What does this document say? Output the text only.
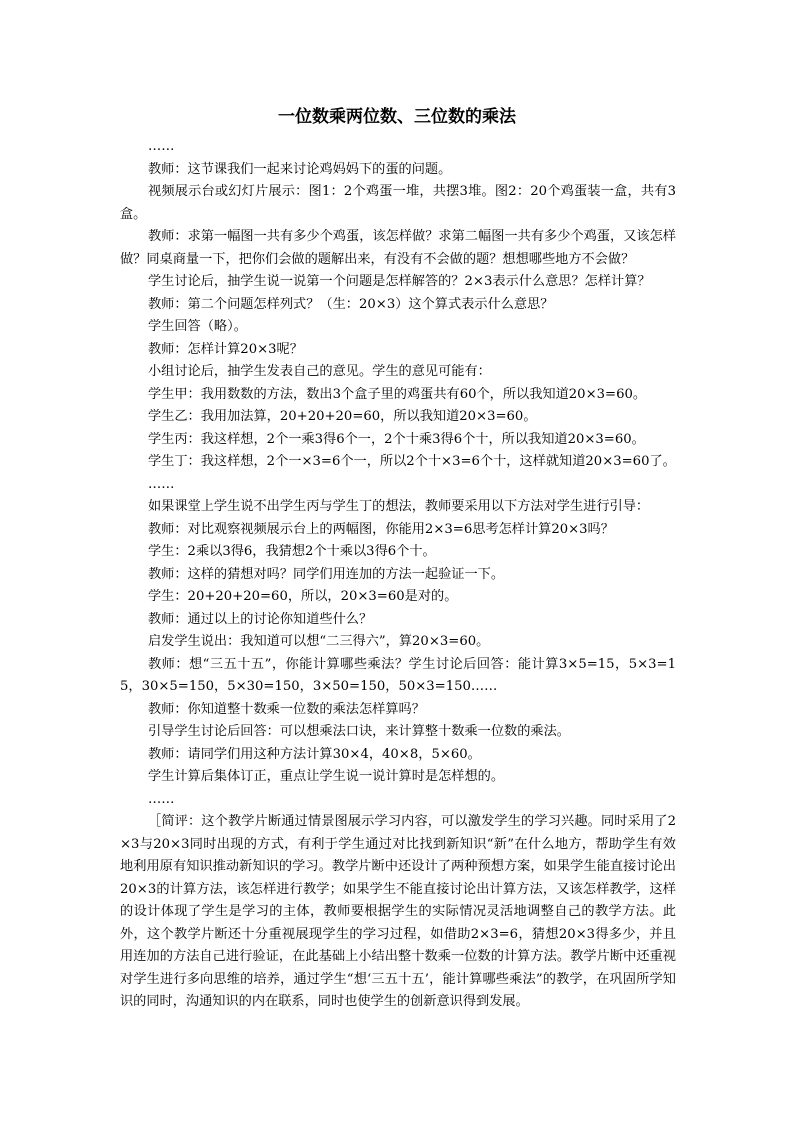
一位数乘两位数、三位数的乘法

……

教师：这节课我们一起来讨论鸡妈妈下的蛋的问题。

视频展示台或幻灯片展示：图1：2个鸡蛋一堆，共摆3堆。图2：20个鸡蛋装一盒，共有3盒。

教师：求第一幅图一共有多少个鸡蛋，该怎样做？求第二幅图一共有多少个鸡蛋，又该怎样做？同桌商量一下，把你们会做的题解出来，有没有不会做的题？想想哪些地方不会做？

学生讨论后，抽学生说一说第一个问题是怎样解答的？2×3表示什么意思？怎样计算？

教师：第二个问题怎样列式？（生：20×3）这个算式表示什么意思？

学生回答（略）。

教师：怎样计算20×3呢？

小组讨论后，抽学生发表自己的意见。学生的意见可能有：

学生甲：我用数数的方法，数出3个盒子里的鸡蛋共有60个，所以我知道20×3=60。

学生乙：我用加法算，20+20+20=60，所以我知道20×3=60。

学生丙：我这样想，2个一乘3得6个一，2个十乘3得6个十，所以我知道20×3=60。

学生丁：我这样想，2个一×3=6个一，所以2个十×3=6个十，这样就知道20×3=60了。

……

如果课堂上学生说不出学生丙与学生丁的想法，教师要采用以下方法对学生进行引导：

教师：对比观察视频展示台上的两幅图，你能用2×3=6思考怎样计算20×3吗？

学生：2乘以3得6，我猜想2个十乘以3得6个十。

教师：这样的猜想对吗？同学们用连加的方法一起验证一下。

学生：20+20+20=60，所以，20×3=60是对的。

教师：通过以上的讨论你知道些什么？

启发学生说出：我知道可以想“二三得六”，算20×3=60。

教师：想“三五十五”，你能计算哪些乘法？学生讨论后回答：能计算3×5=15，5×3=15，30×5=150，5×30=150，3×50=150，50×3=150……

教师：你知道整十数乘一位数的乘法怎样算吗？

引导学生讨论后回答：可以想乘法口诀，来计算整十数乘一位数的乘法。

教师：请同学们用这种方法计算30×4，40×8，5×60。

学生计算后集体订正，重点让学生说一说计算时是怎样想的。

……

［简评：这个教学片断通过情景图展示学习内容，可以激发学生的学习兴趣。同时采用了2×3与20×3同时出现的方式，有利于学生通过对比找到新知识“新”在什么地方，帮助学生有效地利用原有知识推动新知识的学习。教学片断中还设计了两种预想方案，如果学生能直接讨论出20×3的计算方法，该怎样进行教学；如果学生不能直接讨论出计算方法，又该怎样教学，这样的设计体现了学生是学习的主体，教师要根据学生的实际情况灵活地调整自己的教学方法。此外，这个教学片断还十分重视展现学生的学习过程，如借助2×3=6，猜想20×3得多少，并且用连加的方法自己进行验证，在此基础上小结出整十数乘一位数的计算方法。教学片断中还重视对学生进行多向思维的培养，通过学生“想‘三五十五’，能计算哪些乘法”的教学，在巩固所学知识的同时，沟通知识的内在联系，同时也使学生的创新意识得到发展。
